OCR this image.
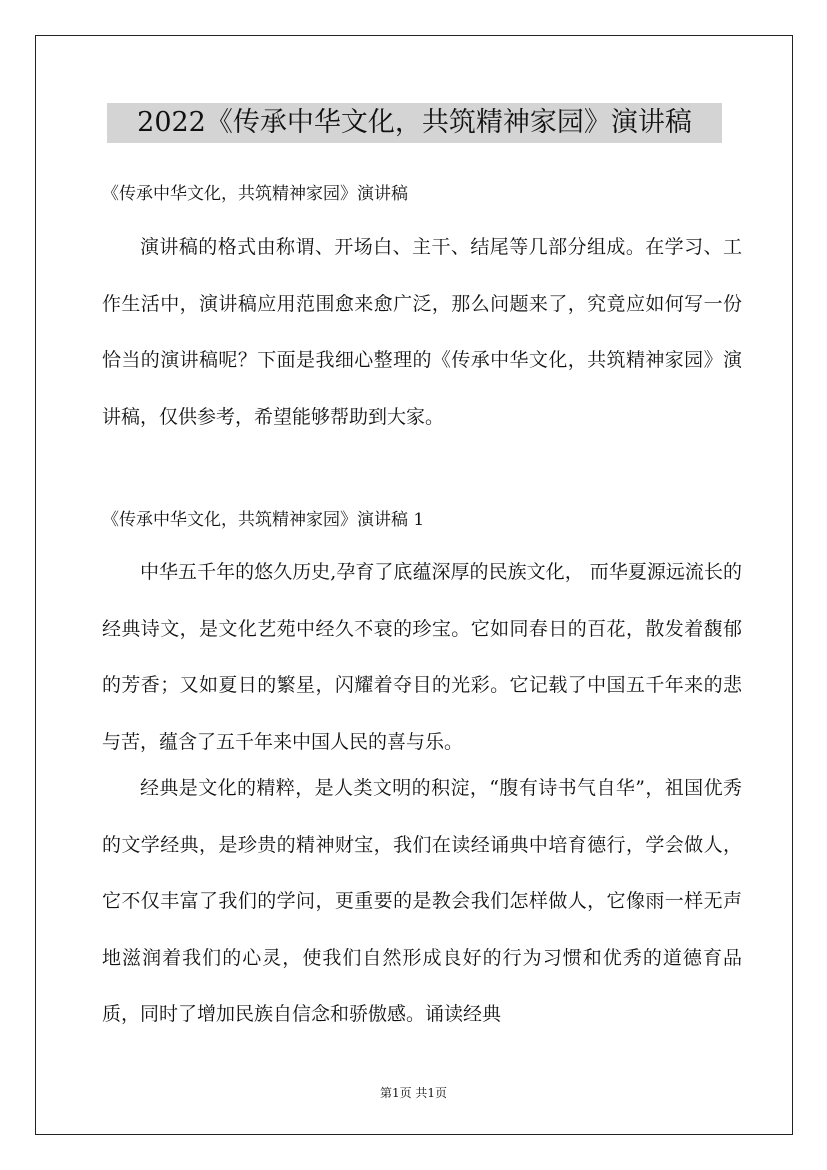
2022《传承中华文化，共筑精神家园》演讲稿

《传承中华文化，共筑精神家园》演讲稿

演讲稿的格式由称谓、开场白、主干、结尾等几部分组成。在学习、工作生活中，演讲稿应用范围愈来愈广泛，那么问题来了，究竟应如何写一份恰当的演讲稿呢？下面是我细心整理的《传承中华文化，共筑精神家园》演讲稿，仅供参考，希望能够帮助到大家。

《传承中华文化，共筑精神家园》演讲稿 1

中华五千年的悠久历史,孕育了底蕴深厚的民族文化， 而华夏源远流长的经典诗文，是文化艺苑中经久不衰的珍宝。它如同春日的百花，散发着馥郁的芳香；又如夏日的繁星，闪耀着夺目的光彩。它记载了中国五千年来的悲与苦，蕴含了五千年来中国人民的喜与乐。

经典是文化的精粹，是人类文明的积淀，“腹有诗书气自华”，祖国优秀的文学经典，是珍贵的精神财宝，我们在读经诵典中培育德行，学会做人，它不仅丰富了我们的学问，更重要的是教会我们怎样做人，它像雨一样无声地滋润着我们的心灵，使我们自然形成良好的行为习惯和优秀的道德育品质，同时了增加民族自信念和骄傲感。诵读经典

第1页 共1页
